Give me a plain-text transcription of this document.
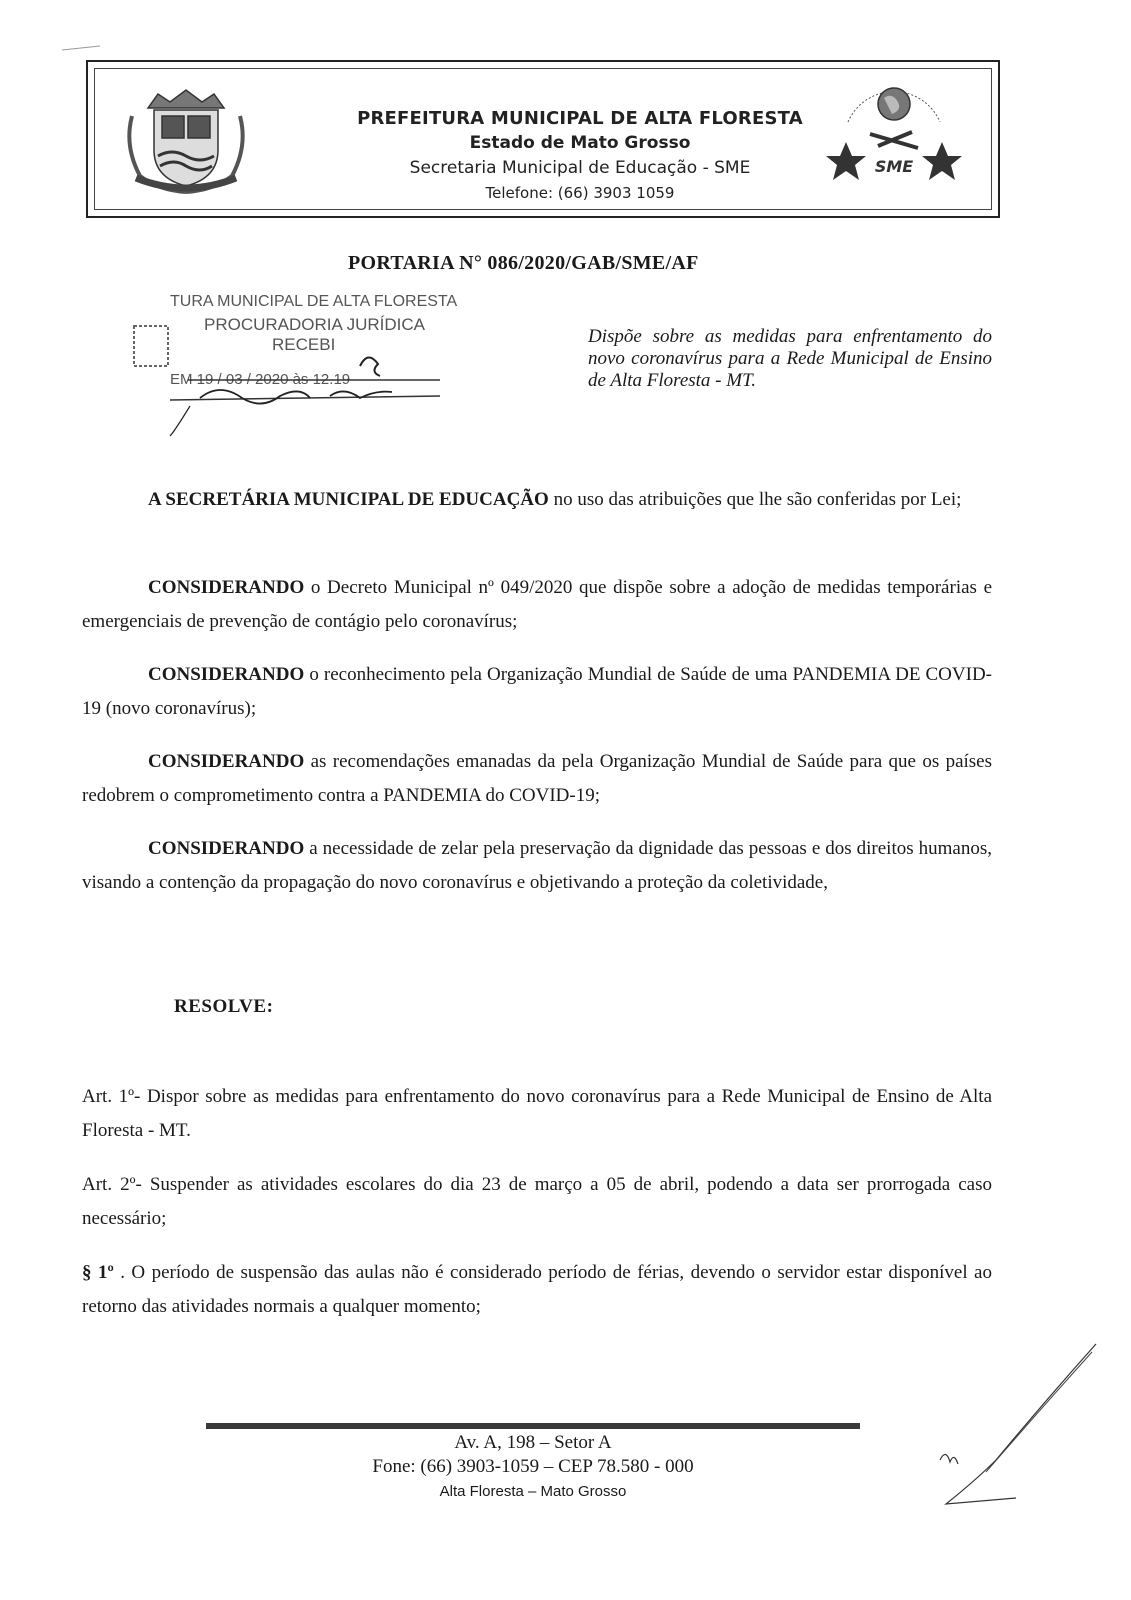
PREFEITURA MUNICIPAL DE ALTA FLORESTA
Estado de Mato Grosso
Secretaria Municipal de Educação - SME
Telefone: (66) 3903 1059
SME
PORTARIA N° 086/2020/GAB/SME/AF
TURA MUNICIPAL DE ALTA FLORESTA
PROCURADORIA JURÍDICA
RECEBI
EM 19 / 03 / 2020 às 12.19
Dispõe sobre as medidas para enfrentamento do novo coronavírus para a Rede Municipal de Ensino de Alta Floresta - MT.

A SECRETÁRIA MUNICIPAL DE EDUCAÇÃO no uso das atribuições que lhe são conferidas por Lei;

CONSIDERANDO o Decreto Municipal nº 049/2020 que dispõe sobre a adoção de medidas temporárias e emergenciais de prevenção de contágio pelo coronavírus;

CONSIDERANDO o reconhecimento pela Organização Mundial de Saúde de uma PANDEMIA DE COVID-19 (novo coronavírus);

CONSIDERANDO as recomendações emanadas da pela Organização Mundial de Saúde para que os países redobrem o comprometimento contra a PANDEMIA do COVID-19;

CONSIDERANDO a necessidade de zelar pela preservação da dignidade das pessoas e dos direitos humanos, visando a contenção da propagação do novo coronavírus e objetivando a proteção da coletividade,

RESOLVE:

Art. 1º- Dispor sobre as medidas para enfrentamento do novo coronavírus para a Rede Municipal de Ensino de Alta Floresta - MT.

Art. 2º- Suspender as atividades escolares do dia 23 de março a 05 de abril, podendo a data ser prorrogada caso necessário;

§ 1º . O período de suspensão das aulas não é considerado período de férias, devendo o servidor estar disponível ao retorno das atividades normais a qualquer momento;

Av. A, 198 – Setor A
Fone: (66) 3903-1059 – CEP 78.580 - 000
Alta Floresta – Mato Grosso
